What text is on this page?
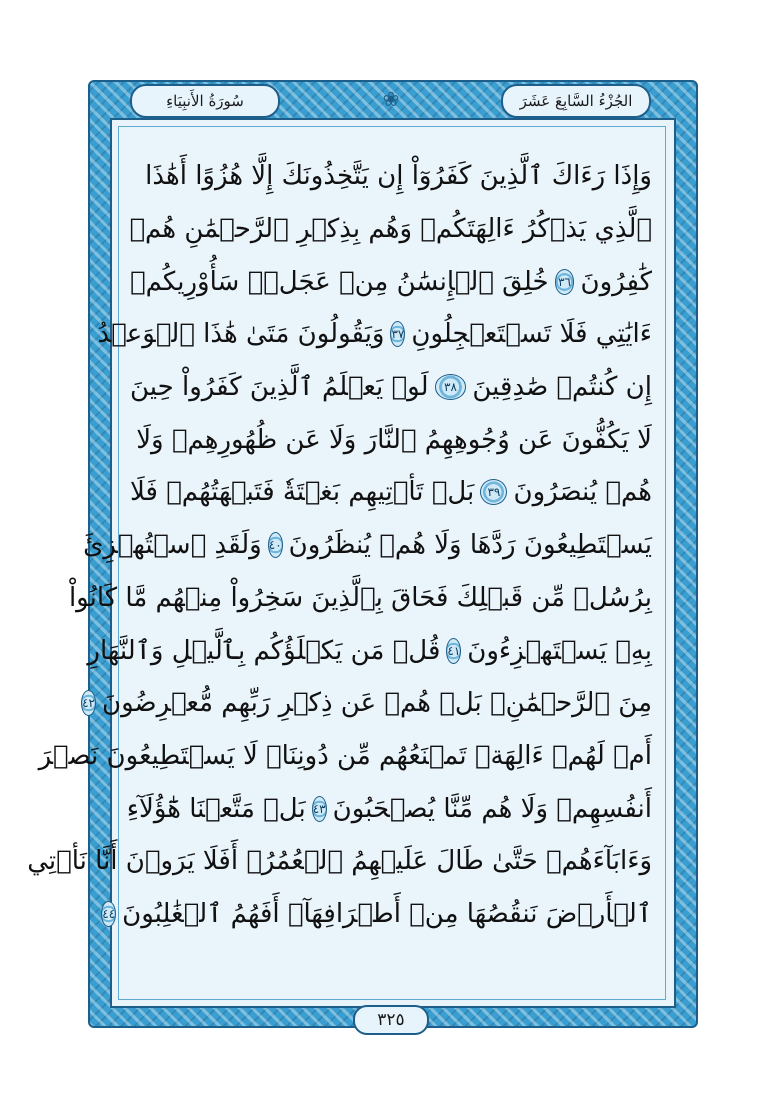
سُورَةُ الأَنبِيَاءِ	❀	الجُزْءُ السَّابِعَ عَشَرَ
وَإِذَا رَءَاكَ ٱلَّذِينَ كَفَرُوٓاْ إِن يَتَّخِذُونَكَ إِلَّا هُزُوًا أَهَٰذَا
ٱلَّذِي يَذۡكُرُ ءَالِهَتَكُمۡ وَهُم بِذِكۡرِ ٱلرَّحۡمَٰنِ هُمۡ
كَٰفِرُونَ
٣٦
خُلِقَ ٱلۡإِنسَٰنُ مِنۡ عَجَلٖۚ سَأُوْرِيكُمۡ
ءَايَٰتِي فَلَا تَسۡتَعۡجِلُونِ
٣٧
وَيَقُولُونَ مَتَىٰ هَٰذَا ٱلۡوَعۡدُ
إِن كُنتُمۡ صَٰدِقِينَ
٣٨
لَوۡ يَعۡلَمُ ٱلَّذِينَ كَفَرُواْ حِينَ
لَا يَكُفُّونَ عَن وُجُوهِهِمُ ٱلنَّارَ وَلَا عَن ظُهُورِهِمۡ وَلَا
هُمۡ يُنصَرُونَ
٣٩
بَلۡ تَأۡتِيهِم بَغۡتَةٗ فَتَبۡهَتُهُمۡ فَلَا
يَسۡتَطِيعُونَ رَدَّهَا وَلَا هُمۡ يُنظَرُونَ
٤٠
وَلَقَدِ ٱسۡتُهۡزِئَ
بِرُسُلٖ مِّن قَبۡلِكَ فَحَاقَ بِٱلَّذِينَ سَخِرُواْ مِنۡهُم مَّا كَانُواْ
بِهِۦ يَسۡتَهۡزِءُونَ
٤١
قُلۡ مَن يَكۡلَؤُكُم بِٱلَّيۡلِ وَٱلنَّهَارِ
مِنَ ٱلرَّحۡمَٰنِۗ بَلۡ هُمۡ عَن ذِكۡرِ رَبِّهِم مُّعۡرِضُونَ
٤٢
أَمۡ لَهُمۡ ءَالِهَةٞ تَمۡنَعُهُم مِّن دُونِنَاۚ لَا يَسۡتَطِيعُونَ نَصۡرَ
أَنفُسِهِمۡ وَلَا هُم مِّنَّا يُصۡحَبُونَ
٤٣
بَلۡ مَتَّعۡنَا هَٰٓؤُلَآءِ
وَءَابَآءَهُمۡ حَتَّىٰ طَالَ عَلَيۡهِمُ ٱلۡعُمُرُۗ أَفَلَا يَرَوۡنَ أَنَّا نَأۡتِي
ٱلۡأَرۡضَ نَنقُصُهَا مِنۡ أَطۡرَافِهَآۚ أَفَهُمُ ٱلۡغَٰلِبُونَ
٤٤
٣٢٥
